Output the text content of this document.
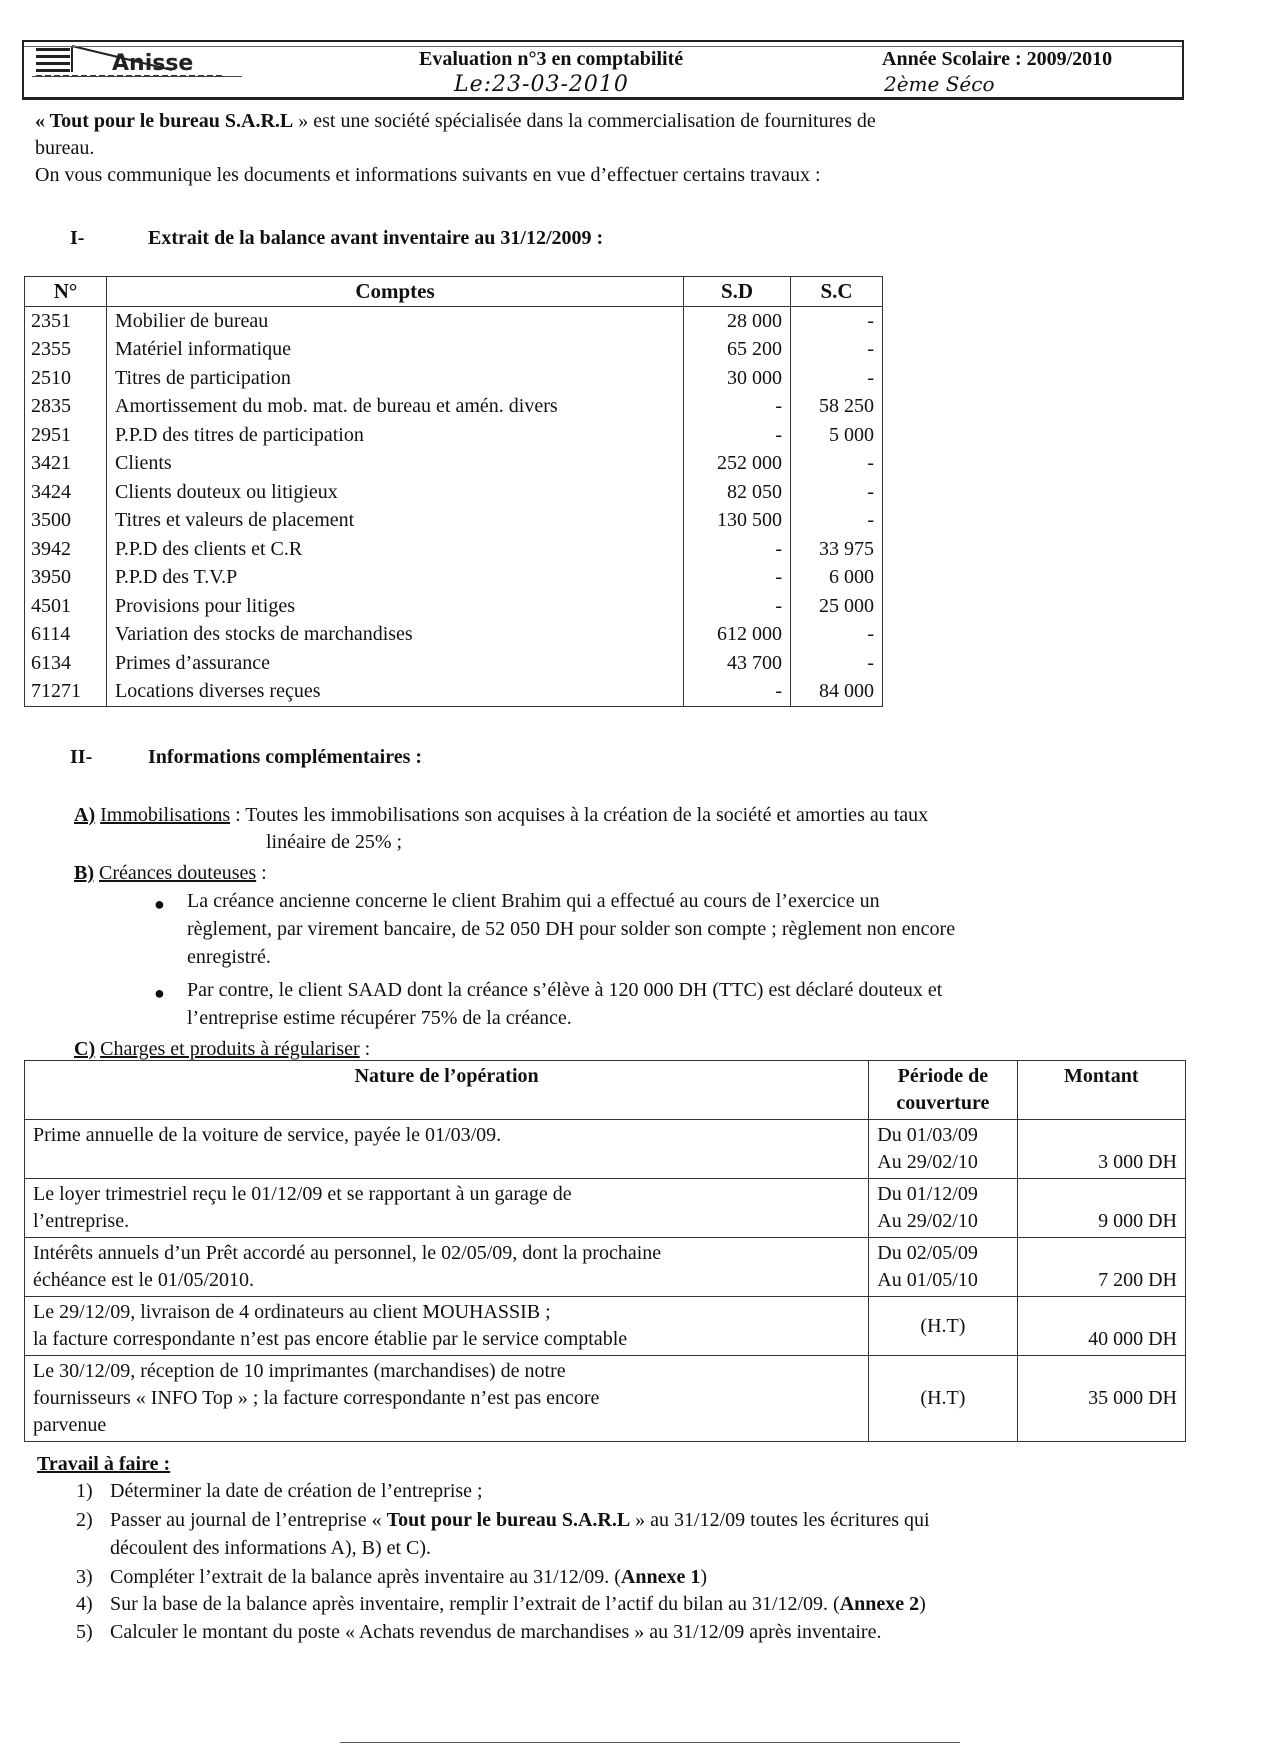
Anisse	Evaluation n°3 en comptabilité	Année Scolaire : 2009/2010
Le:23-03-2010	2ème Séco
« Tout pour le bureau S.A.R.L » est une société spécialisée dans la commercialisation de fournitures de
bureau.
On vous communique les documents et informations suivants en vue d’effectuer certains travaux :
I-	Extrait de la balance avant inventaire au 31/12/2009 :
N°	Comptes	S.D	S.C
2351	Mobilier de bureau	28 000	-
2355	Matériel informatique	65 200	-
2510	Titres de participation	30 000	-
2835	Amortissement du mob. mat. de bureau et amén. divers	-	58 250
2951	P.P.D des titres de participation	-	5 000
3421	Clients	252 000	-
3424	Clients douteux ou litigieux	82 050	-
3500	Titres et valeurs de placement	130 500	-
3942	P.P.D des clients et C.R	-	33 975
3950	P.P.D des T.V.P	-	6 000
4501	Provisions pour litiges	-	25 000
6114	Variation des stocks de marchandises	612 000	-
6134	Primes d’assurance	43 700	-
71271	Locations diverses reçues	-	84 000
II-	Informations complémentaires :
A) Immobilisations : Toutes les immobilisations son acquises à la création de la société et amorties au taux
linéaire de 25% ;
B) Créances douteuses :
● La créance ancienne concerne le client Brahim qui a effectué au cours de l’exercice un
règlement, par virement bancaire, de 52 050 DH pour solder son compte ; règlement non encore
enregistré.
● Par contre, le client SAAD dont la créance s’élève à 120 000 DH (TTC) est déclaré douteux et
l’entreprise estime récupérer 75% de la créance.
C) Charges et produits à régulariser :
Nature de l’opération	Période de couverture	Montant

Prime annuelle de la voiture de service, payée le 01/03/09.	Du 01/03/09
Au 29/02/10	3 000 DH

Le loyer trimestriel reçu le 01/12/09 et se rapportant à un garage de
l’entreprise.	Du 01/12/09
Au 29/02/10	9 000 DH

Intérêts annuels d’un Prêt accordé au personnel, le 02/05/09, dont la prochaine
échéance est le 01/05/2010.	Du 02/05/09
Au 01/05/10	7 200 DH

Le 29/12/09, livraison de 4 ordinateurs au client MOUHASSIB ;
la facture correspondante n’est pas encore établie par le service comptable	(H.T)	40 000 DH

Le 30/12/09, réception de 10 imprimantes (marchandises) de notre
fournisseurs « INFO Top » ; la facture correspondante n’est pas encore
parvenue	(H.T)	35 000 DH
Travail à faire :
1) Déterminer la date de création de l’entreprise ;
2) Passer au journal de l’entreprise « Tout pour le bureau S.A.R.L » au 31/12/09 toutes les écritures qui
découlent des informations A), B) et C).
3) Compléter l’extrait de la balance après inventaire au 31/12/09. (Annexe 1)
4) Sur la base de la balance après inventaire, remplir l’extrait de l’actif du bilan au 31/12/09. (Annexe 2)
5) Calculer le montant du poste « Achats revendus de marchandises » au 31/12/09 après inventaire.
